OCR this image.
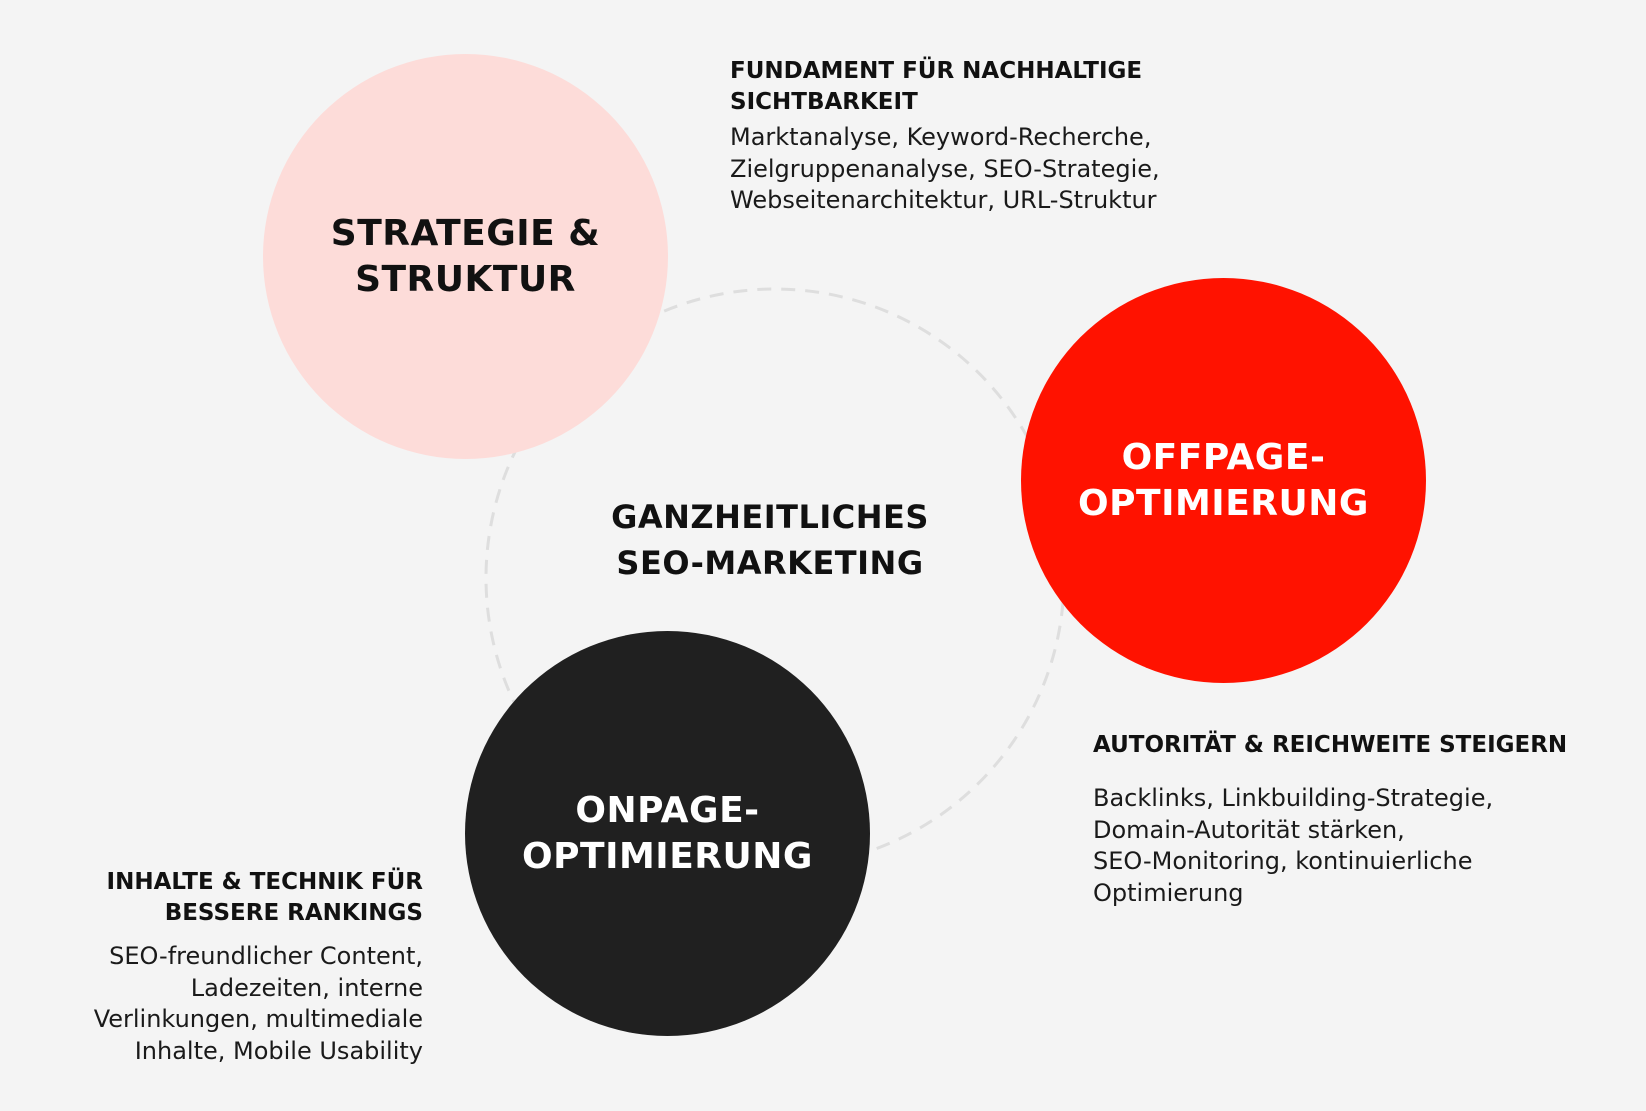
STRATEGIE &
STRUKTUR
OFFPAGE-
OPTIMIERUNG
ONPAGE-
OPTIMIERUNG
GANZHEITLICHES
SEO-MARKETING
FUNDAMENT FÜR NACHHALTIGE
SICHTBARKEIT
Marktanalyse, Keyword-Recherche,
Zielgruppenanalyse, SEO-Strategie,
Webseitenarchitektur, URL-Struktur
AUTORITÄT & REICHWEITE STEIGERN
Backlinks, Linkbuilding-Strategie,
Domain-Autorität stärken,
SEO-Monitoring, kontinuierliche
Optimierung
INHALTE & TECHNIK FÜR
BESSERE RANKINGS
SEO-freundlicher Content,
Ladezeiten, interne
Verlinkungen, multimediale
Inhalte, Mobile Usability
